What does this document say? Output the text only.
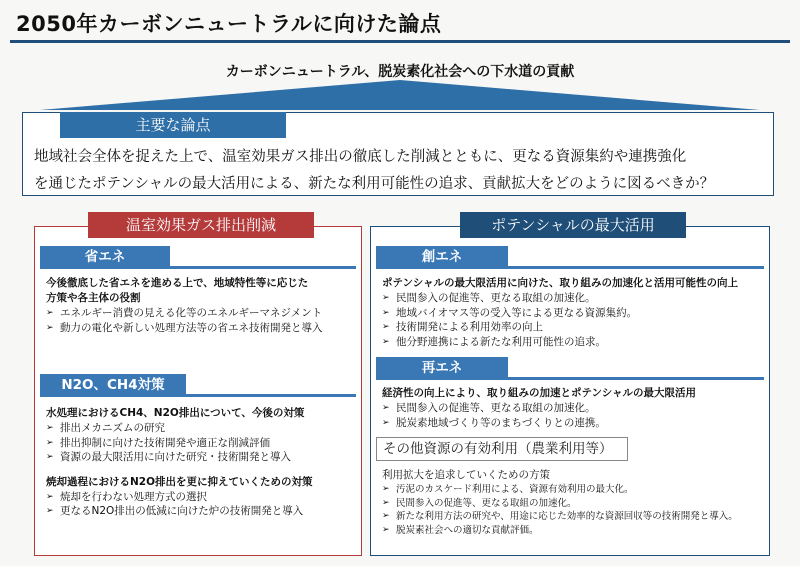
2050年カーボンニュートラルに向けた論点
カーボンニュートラル、脱炭素化社会への下水道の貢献
主要な論点
地域社会全体を捉えた上で、温室効果ガス排出の徹底した削減とともに、更なる資源集約や連携強化
を通じたポテンシャルの最大活用による、新たな利用可能性の追求、貢献拡大をどのように図るべきか？
温室効果ガス排出削減
省エネ
今後徹底した省エネを進める上で、地域特性等に応じた
方策や各主体の役割
➢ エネルギー消費の見える化等のエネルギーマネジメント
➢ 動力の電化や新しい処理方法等の省エネ技術開発と導入
N2O、CH4対策
水処理におけるCH4、N2O排出について、今後の対策
➢ 排出メカニズムの研究
➢ 排出抑制に向けた技術開発や適正な削減評価
➢ 資源の最大限活用に向けた研究・技術開発と導入
焼却過程におけるN2O排出を更に抑えていくための対策
➢ 焼却を行わない処理方式の選択
➢ 更なるN2O排出の低減に向けた炉の技術開発と導入
ポテンシャルの最大活用
創エネ
ポテンシャルの最大限活用に向けた、取り組みの加速化と活用可能性の向上
➢ 民間参入の促進等、更なる取組の加速化。
➢ 地域バイオマス等の受入等による更なる資源集約。
➢ 技術開発による利用効率の向上
➢ 他分野連携による新たな利用可能性の追求。
再エネ
経済性の向上により、取り組みの加速とポテンシャルの最大限活用
➢ 民間参入の促進等、更なる取組の加速化。
➢ 脱炭素地域づくり等のまちづくりとの連携。
その他資源の有効利用（農業利用等）
利用拡大を追求していくための方策
➢ 汚泥のカスケード利用による、資源有効利用の最大化。
➢ 民間参入の促進等、更なる取組の加速化。
➢ 新たな利用方法の研究や、用途に応じた効率的な資源回収等の技術開発と導入。
➢ 脱炭素社会への適切な貢献評価。
